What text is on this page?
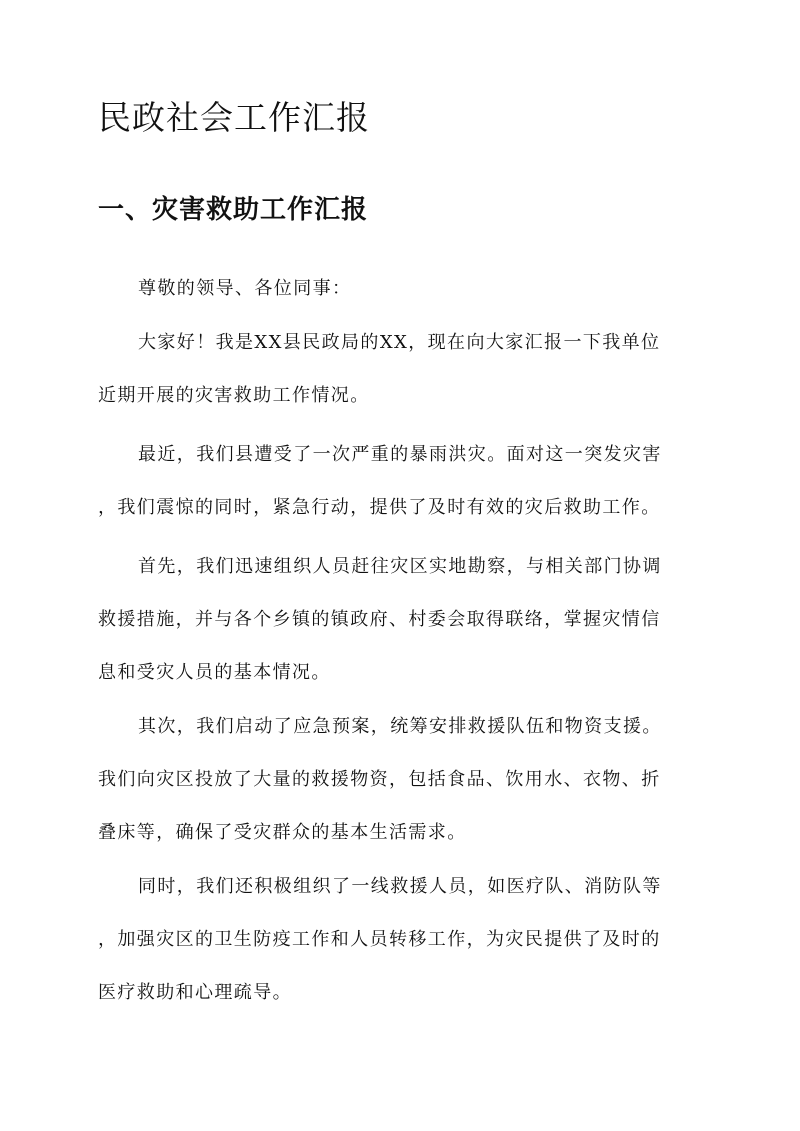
民政社会工作汇报
一、灾害救助工作汇报

尊敬的领导、各位同事：

大家好！我是XX县民政局的XX，现在向大家汇报一下我单位
近期开展的灾害救助工作情况。

最近，我们县遭受了一次严重的暴雨洪灾。面对这一突发灾害
，我们震惊的同时，紧急行动，提供了及时有效的灾后救助工作。

首先，我们迅速组织人员赶往灾区实地勘察，与相关部门协调
救援措施，并与各个乡镇的镇政府、村委会取得联络，掌握灾情信
息和受灾人员的基本情况。

其次，我们启动了应急预案，统筹安排救援队伍和物资支援。
我们向灾区投放了大量的救援物资，包括食品、饮用水、衣物、折
叠床等，确保了受灾群众的基本生活需求。

同时，我们还积极组织了一线救援人员，如医疗队、消防队等
，加强灾区的卫生防疫工作和人员转移工作，为灾民提供了及时的
医疗救助和心理疏导。
